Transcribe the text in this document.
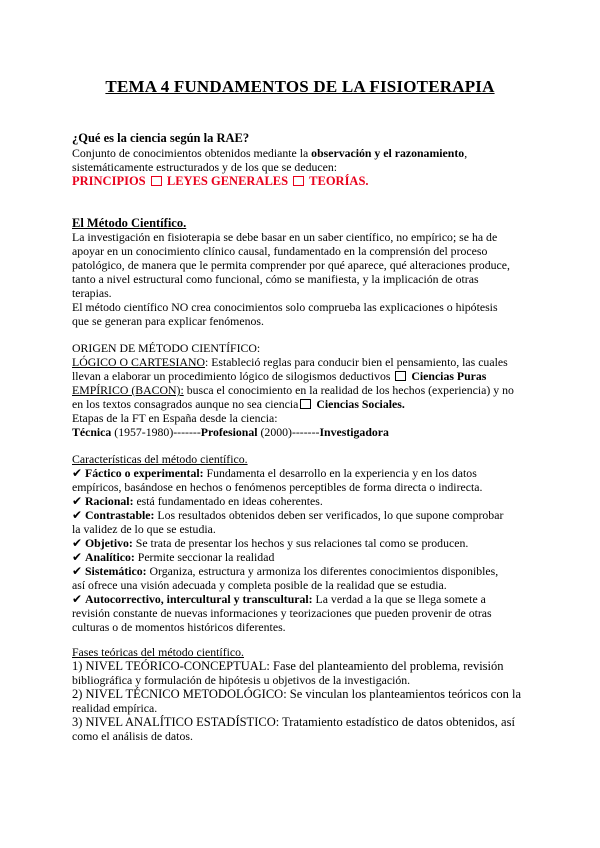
TEMA 4 FUNDAMENTOS DE LA FISIOTERAPIA
¿Qué es la ciencia según la RAE?
Conjunto de conocimientos obtenidos mediante la observación y el razonamiento,
sistemáticamente estructurados y de los que se deducen:
PRINCIPIOS LEYES GENERALES TEORÍAS.
El Método Científico.
La investigación en fisioterapia se debe basar en un saber científico, no empírico; se ha de
apoyar en un conocimiento clínico causal, fundamentado en la comprensión del proceso
patológico, de manera que le permita comprender por qué aparece, qué alteraciones produce,
tanto a nivel estructural como funcional, cómo se manifiesta, y la implicación de otras
terapias.
El método científico NO crea conocimientos solo comprueba las explicaciones o hipótesis
que se generan para explicar fenómenos.
ORIGEN DE MÉTODO CIENTÍFICO:
LÓGICO O CARTESIANO: Estableció reglas para conducir bien el pensamiento, las cuales
llevan a elaborar un procedimiento lógico de silogismos deductivos Ciencias Puras
EMPÍRICO (BACON): busca el conocimiento en la realidad de los hechos (experiencia) y no
en los textos consagrados aunque no sea ciencia Ciencias Sociales.
Etapas de la FT en España desde la ciencia:
Técnica (1957-1980)-------Profesional (2000)-------Investigadora
Características del método científico.
✔ Fáctico o experimental: Fundamenta el desarrollo en la experiencia y en los datos
empíricos, basándose en hechos o fenómenos perceptibles de forma directa o indirecta.
✔ Racional: está fundamentado en ideas coherentes.
✔ Contrastable: Los resultados obtenidos deben ser verificados, lo que supone comprobar
la validez de lo que se estudia.
✔ Objetivo: Se trata de presentar los hechos y sus relaciones tal como se producen.
✔ Analítico: Permite seccionar la realidad
✔ Sistemático: Organiza, estructura y armoniza los diferentes conocimientos disponibles,
así ofrece una visión adecuada y completa posible de la realidad que se estudia.
✔ Autocorrectivo, intercultural y transcultural: La verdad a la que se llega somete a
revisión constante de nuevas informaciones y teorizaciones que pueden provenir de otras
culturas o de momentos históricos diferentes.
Fases teóricas del método científico.
1) NIVEL TEÓRICO-CONCEPTUAL: Fase del planteamiento del problema, revisión
bibliográfica y formulación de hipótesis u objetivos de la investigación.
2) NIVEL TÉCNICO METODOLÓGICO: Se vinculan los planteamientos teóricos con la
realidad empírica.
3) NIVEL ANALÍTICO ESTADÍSTICO: Tratamiento estadístico de datos obtenidos, así
como el análisis de datos.
